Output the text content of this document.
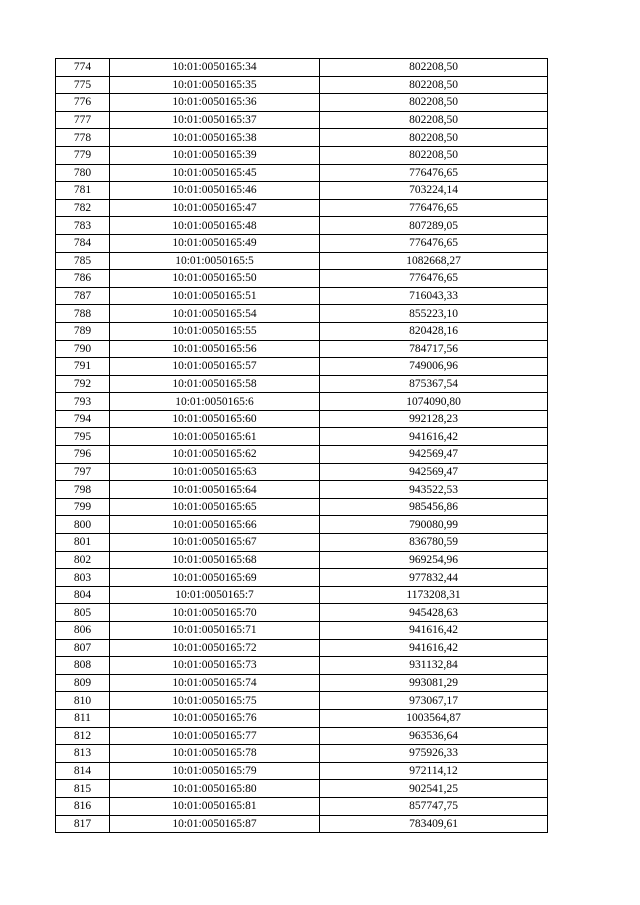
774	10:01:0050165:34	802208,50
775	10:01:0050165:35	802208,50
776	10:01:0050165:36	802208,50
777	10:01:0050165:37	802208,50
778	10:01:0050165:38	802208,50
779	10:01:0050165:39	802208,50
780	10:01:0050165:45	776476,65
781	10:01:0050165:46	703224,14
782	10:01:0050165:47	776476,65
783	10:01:0050165:48	807289,05
784	10:01:0050165:49	776476,65
785	10:01:0050165:5	1082668,27
786	10:01:0050165:50	776476,65
787	10:01:0050165:51	716043,33
788	10:01:0050165:54	855223,10
789	10:01:0050165:55	820428,16
790	10:01:0050165:56	784717,56
791	10:01:0050165:57	749006,96
792	10:01:0050165:58	875367,54
793	10:01:0050165:6	1074090,80
794	10:01:0050165:60	992128,23
795	10:01:0050165:61	941616,42
796	10:01:0050165:62	942569,47
797	10:01:0050165:63	942569,47
798	10:01:0050165:64	943522,53
799	10:01:0050165:65	985456,86
800	10:01:0050165:66	790080,99
801	10:01:0050165:67	836780,59
802	10:01:0050165:68	969254,96
803	10:01:0050165:69	977832,44
804	10:01:0050165:7	1173208,31
805	10:01:0050165:70	945428,63
806	10:01:0050165:71	941616,42
807	10:01:0050165:72	941616,42
808	10:01:0050165:73	931132,84
809	10:01:0050165:74	993081,29
810	10:01:0050165:75	973067,17
811	10:01:0050165:76	1003564,87
812	10:01:0050165:77	963536,64
813	10:01:0050165:78	975926,33
814	10:01:0050165:79	972114,12
815	10:01:0050165:80	902541,25
816	10:01:0050165:81	857747,75
817	10:01:0050165:87	783409,61
